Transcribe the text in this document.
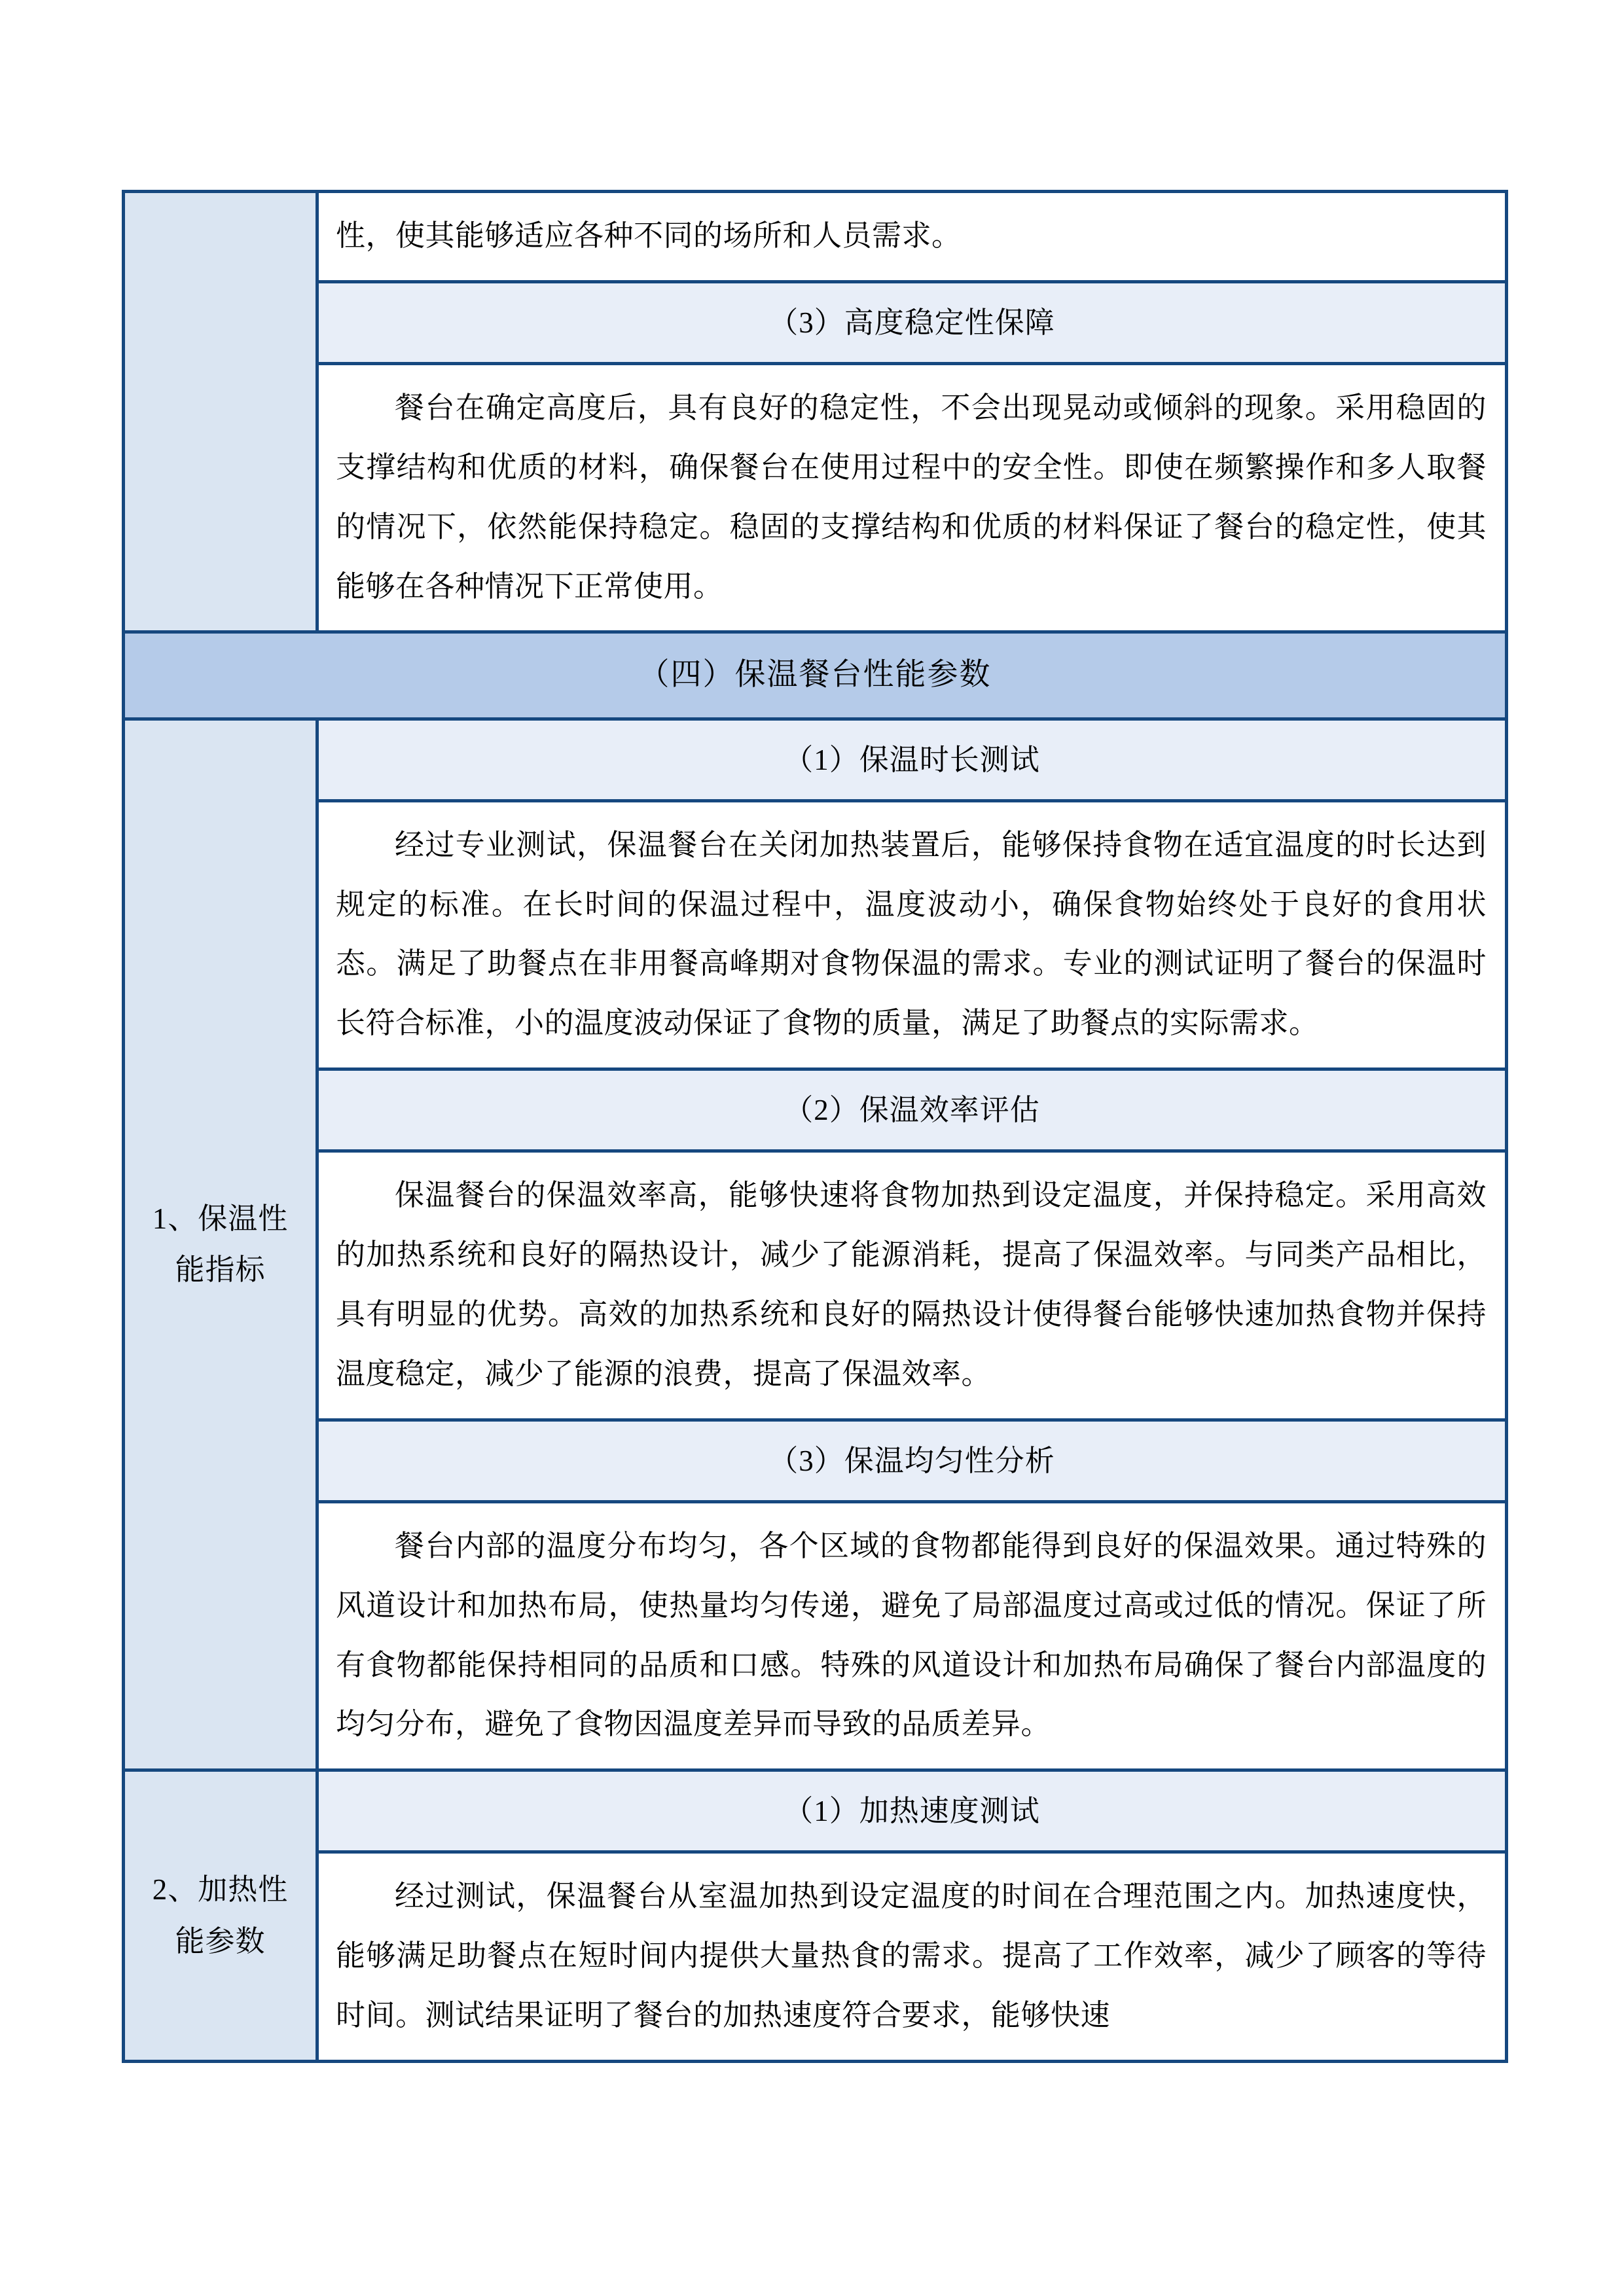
	性，使其能够适应各种不同的场所和人员需求。

	（3）高度稳定性保障

	餐台在确定高度后，具有良好的稳定性，不会出现晃动或倾斜的现象。采用稳固的支撑结构和优质的材料，确保餐台在使用过程中的安全性。即使在频繁操作和多人取餐的情况下，依然能保持稳定。稳固的支撑结构和优质的材料保证了餐台的稳定性，使其能够在各种情况下正常使用。

（四）保温餐台性能参数	
1、保温性能指标	（1）保温时长测试

	经过专业测试，保温餐台在关闭加热装置后，能够保持食物在适宜温度的时长达到规定的标准。在长时间的保温过程中，温度波动小，确保食物始终处于良好的食用状态。满足了助餐点在非用餐高峰期对食物保温的需求。专业的测试证明了餐台的保温时长符合标准，小的温度波动保证了食物的质量，满足了助餐点的实际需求。

	（2）保温效率评估

	保温餐台的保温效率高，能够快速将食物加热到设定温度，并保持稳定。采用高效的加热系统和良好的隔热设计，减少了能源消耗，提高了保温效率。与同类产品相比，具有明显的优势。高效的加热系统和良好的隔热设计使得餐台能够快速加热食物并保持温度稳定，减少了能源的浪费，提高了保温效率。

	（3）保温均匀性分析

	餐台内部的温度分布均匀，各个区域的食物都能得到良好的保温效果。通过特殊的风道设计和加热布局，使热量均匀传递，避免了局部温度过高或过低的情况。保证了所有食物都能保持相同的品质和口感。特殊的风道设计和加热布局确保了餐台内部温度的均匀分布，避免了食物因温度差异而导致的品质差异。

2、加热性能参数	（1）加热速度测试

	经过测试，保温餐台从室温加热到设定温度的时间在合理范围之内。加热速度快，能够满足助餐点在短时间内提供大量热食的需求。提高了工作效率，减少了顾客的等待时间。测试结果证明了餐台的加热速度符合要求，能够快速
